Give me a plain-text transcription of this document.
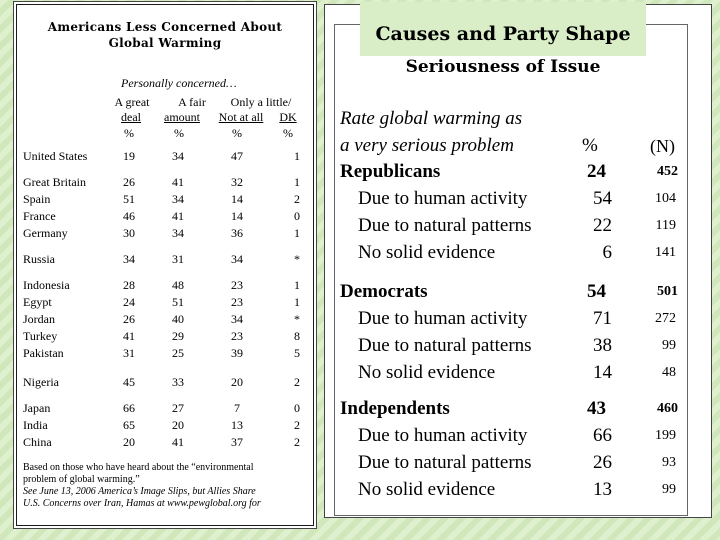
Americans Less Concerned About
Global Warming
Personally concerned…
A great	A fair	Only a little/
deal	amount	Not at all	DK
%	%	%	%
United States	19	34	47	1
Great Britain	26	41	32	1
Spain	51	34	14	2
France	46	41	14	0
Germany	30	34	36	1
Russia	34	31	34	*
Indonesia	28	48	23	1
Egypt	24	51	23	1
Jordan	26	40	34	*
Turkey	41	29	23	8
Pakistan	31	25	39	5
Nigeria	45	33	20	2
Japan	66	27	7	0
India	65	20	13	2
China	20	41	37	2
Based on those who have heard about the “environmental
problem of global warming.”
See June 13, 2006 America’s Image Slips, but Allies Share
U.S. Concerns over Iran, Hamas at www.pewglobal.org for
Causes and Party Shape
Seriousness of Issue
Rate global warming as
a very serious problem	%	(N)
Republicans	24	452
Due to human activity	54	104
Due to natural patterns	22	119
No solid evidence	6	141
Democrats	54	501
Due to human activity	71	272
Due to natural patterns	38	99
No solid evidence	14	48
Independents	43	460
Due to human activity	66	199
Due to natural patterns	26	93
No solid evidence	13	99
